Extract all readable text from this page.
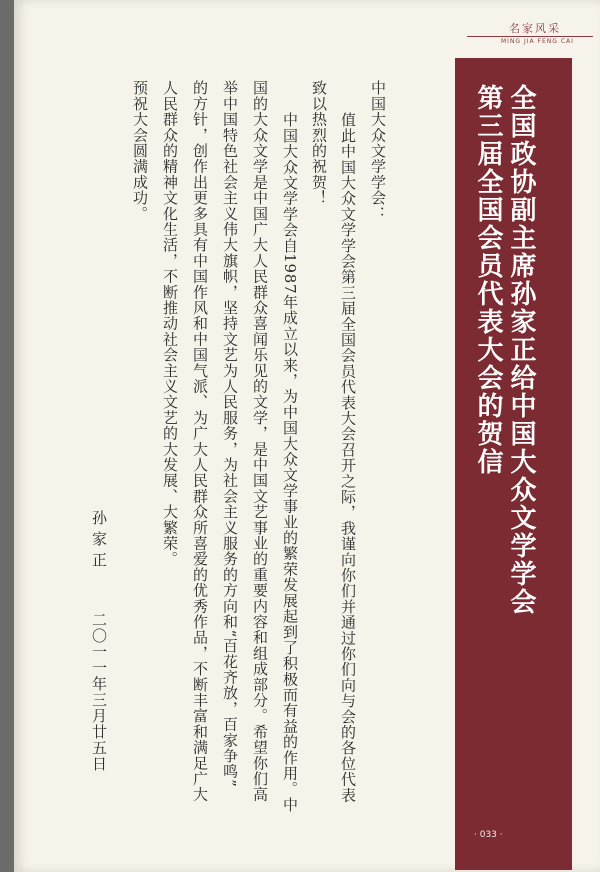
名家风采
MING JIA FENG CAI
全国政协副主席孙家正给中国大众文学学会
第三届全国会员代表大会的贺信
中国大众文学学会：
值此中国大众文学学会第三届全国会员代表大会召开之际，我谨向你们并通过你们向与会的各位代表
致以热烈的祝贺！
中国大众文学学会自1987年成立以来，为中国大众文学事业的繁荣发展起到了积极而有益的作用。中
国的大众文学是中国广大人民群众喜闻乐见的文学，是中国文艺事业的重要内容和组成部分。希望你们高
举中国特色社会主义伟大旗帜，坚持文艺为人民服务，为社会主义服务的方向和“百花齐放，百家争鸣”
的方针，创作出更多具有中国作风和中国气派、为广大人民群众所喜爱的优秀作品，不断丰富和满足广大
人民群众的精神文化生活，不断推动社会主义文艺的大发展、大繁荣。
预祝大会圆满成功。
孙家正
二〇一一年三月廿五日
· 033 ·
